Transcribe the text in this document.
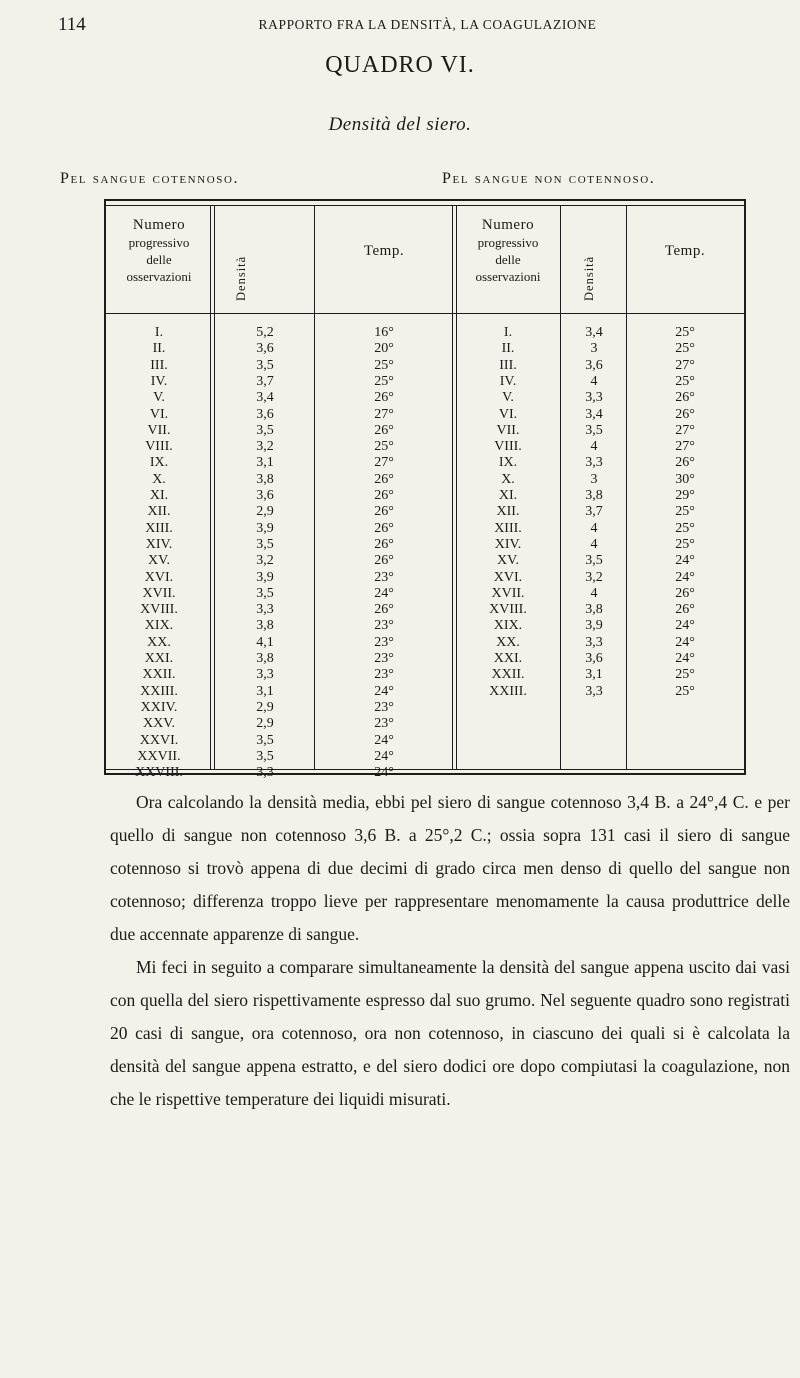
114	RAPPORTO FRA LA DENSITÀ, LA COAGULAZIONE
QUADRO VI.
Densità del siero.
Pel sangue cotennoso.	Pel sangue non cotennoso.
Numero
progressivo
delle
osservazioni	Densità
Temp.
Numero
progressivo
delle
osservazioni	Densità
Temp.
I.	5,2	16°
II.	3,6	20°
III.	3,5	25°
IV.	3,7	25°
V.	3,4	26°
VI.	3,6	27°
VII.	3,5	26°
VIII.	3,2	25°
IX.	3,1	27°
X.	3,8	26°
XI.	3,6	26°
XII.	2,9	26°
XIII.	3,9	26°
XIV.	3,5	26°
XV.	3,2	26°
XVI.	3,9	23°
XVII.	3,5	24°
XVIII.	3,3	26°
XIX.	3,8	23°
XX.	4,1	23°
XXI.	3,8	23°
XXII.	3,3	23°
XXIII.	3,1	24°
XXIV.	2,9	23°
XXV.	2,9	23°
XXVI.	3,5	24°
XXVII.	3,5	24°
XXVIII.	3,3	24°
I.	3,4	25°
II.	3	25°
III.	3,6	27°
IV.	4	25°
V.	3,3	26°
VI.	3,4	26°
VII.	3,5	27°
VIII.	4	27°
IX.	3,3	26°
X.	3	30°
XI.	3,8	29°
XII.	3,7	25°
XIII.	4	25°
XIV.	4	25°
XV.	3,5	24°
XVI.	3,2	24°
XVII.	4	26°
XVIII.	3,8	26°
XIX.	3,9	24°
XX.	3,3	24°
XXI.	3,6	24°
XXII.	3,1	25°
XXIII.	3,3	25°

Ora calcolando la densità media, ebbi pel siero di sangue cotennoso 3,4 B. a 24°,4 C. e per quello di sangue non cotennoso 3,6 B. a 25°,2 C.; ossia sopra 131 casi il siero di sangue cotennoso si trovò appena di due decimi di grado circa men denso di quello del sangue non cotennoso; differenza troppo lieve per rappresentare menomamente la causa produttrice delle due accennate apparenze di sangue.

Mi feci in seguito a comparare simultaneamente la densità del sangue appena uscito dai vasi con quella del siero rispettivamente espresso dal suo grumo. Nel seguente quadro sono registrati 20 casi di sangue, ora cotennoso, ora non cotennoso, in ciascuno dei quali si è calcolata la densità del sangue appena estratto, e del siero dodici ore dopo compiutasi la coagulazione, non che le rispettive temperature dei liquidi misurati.
